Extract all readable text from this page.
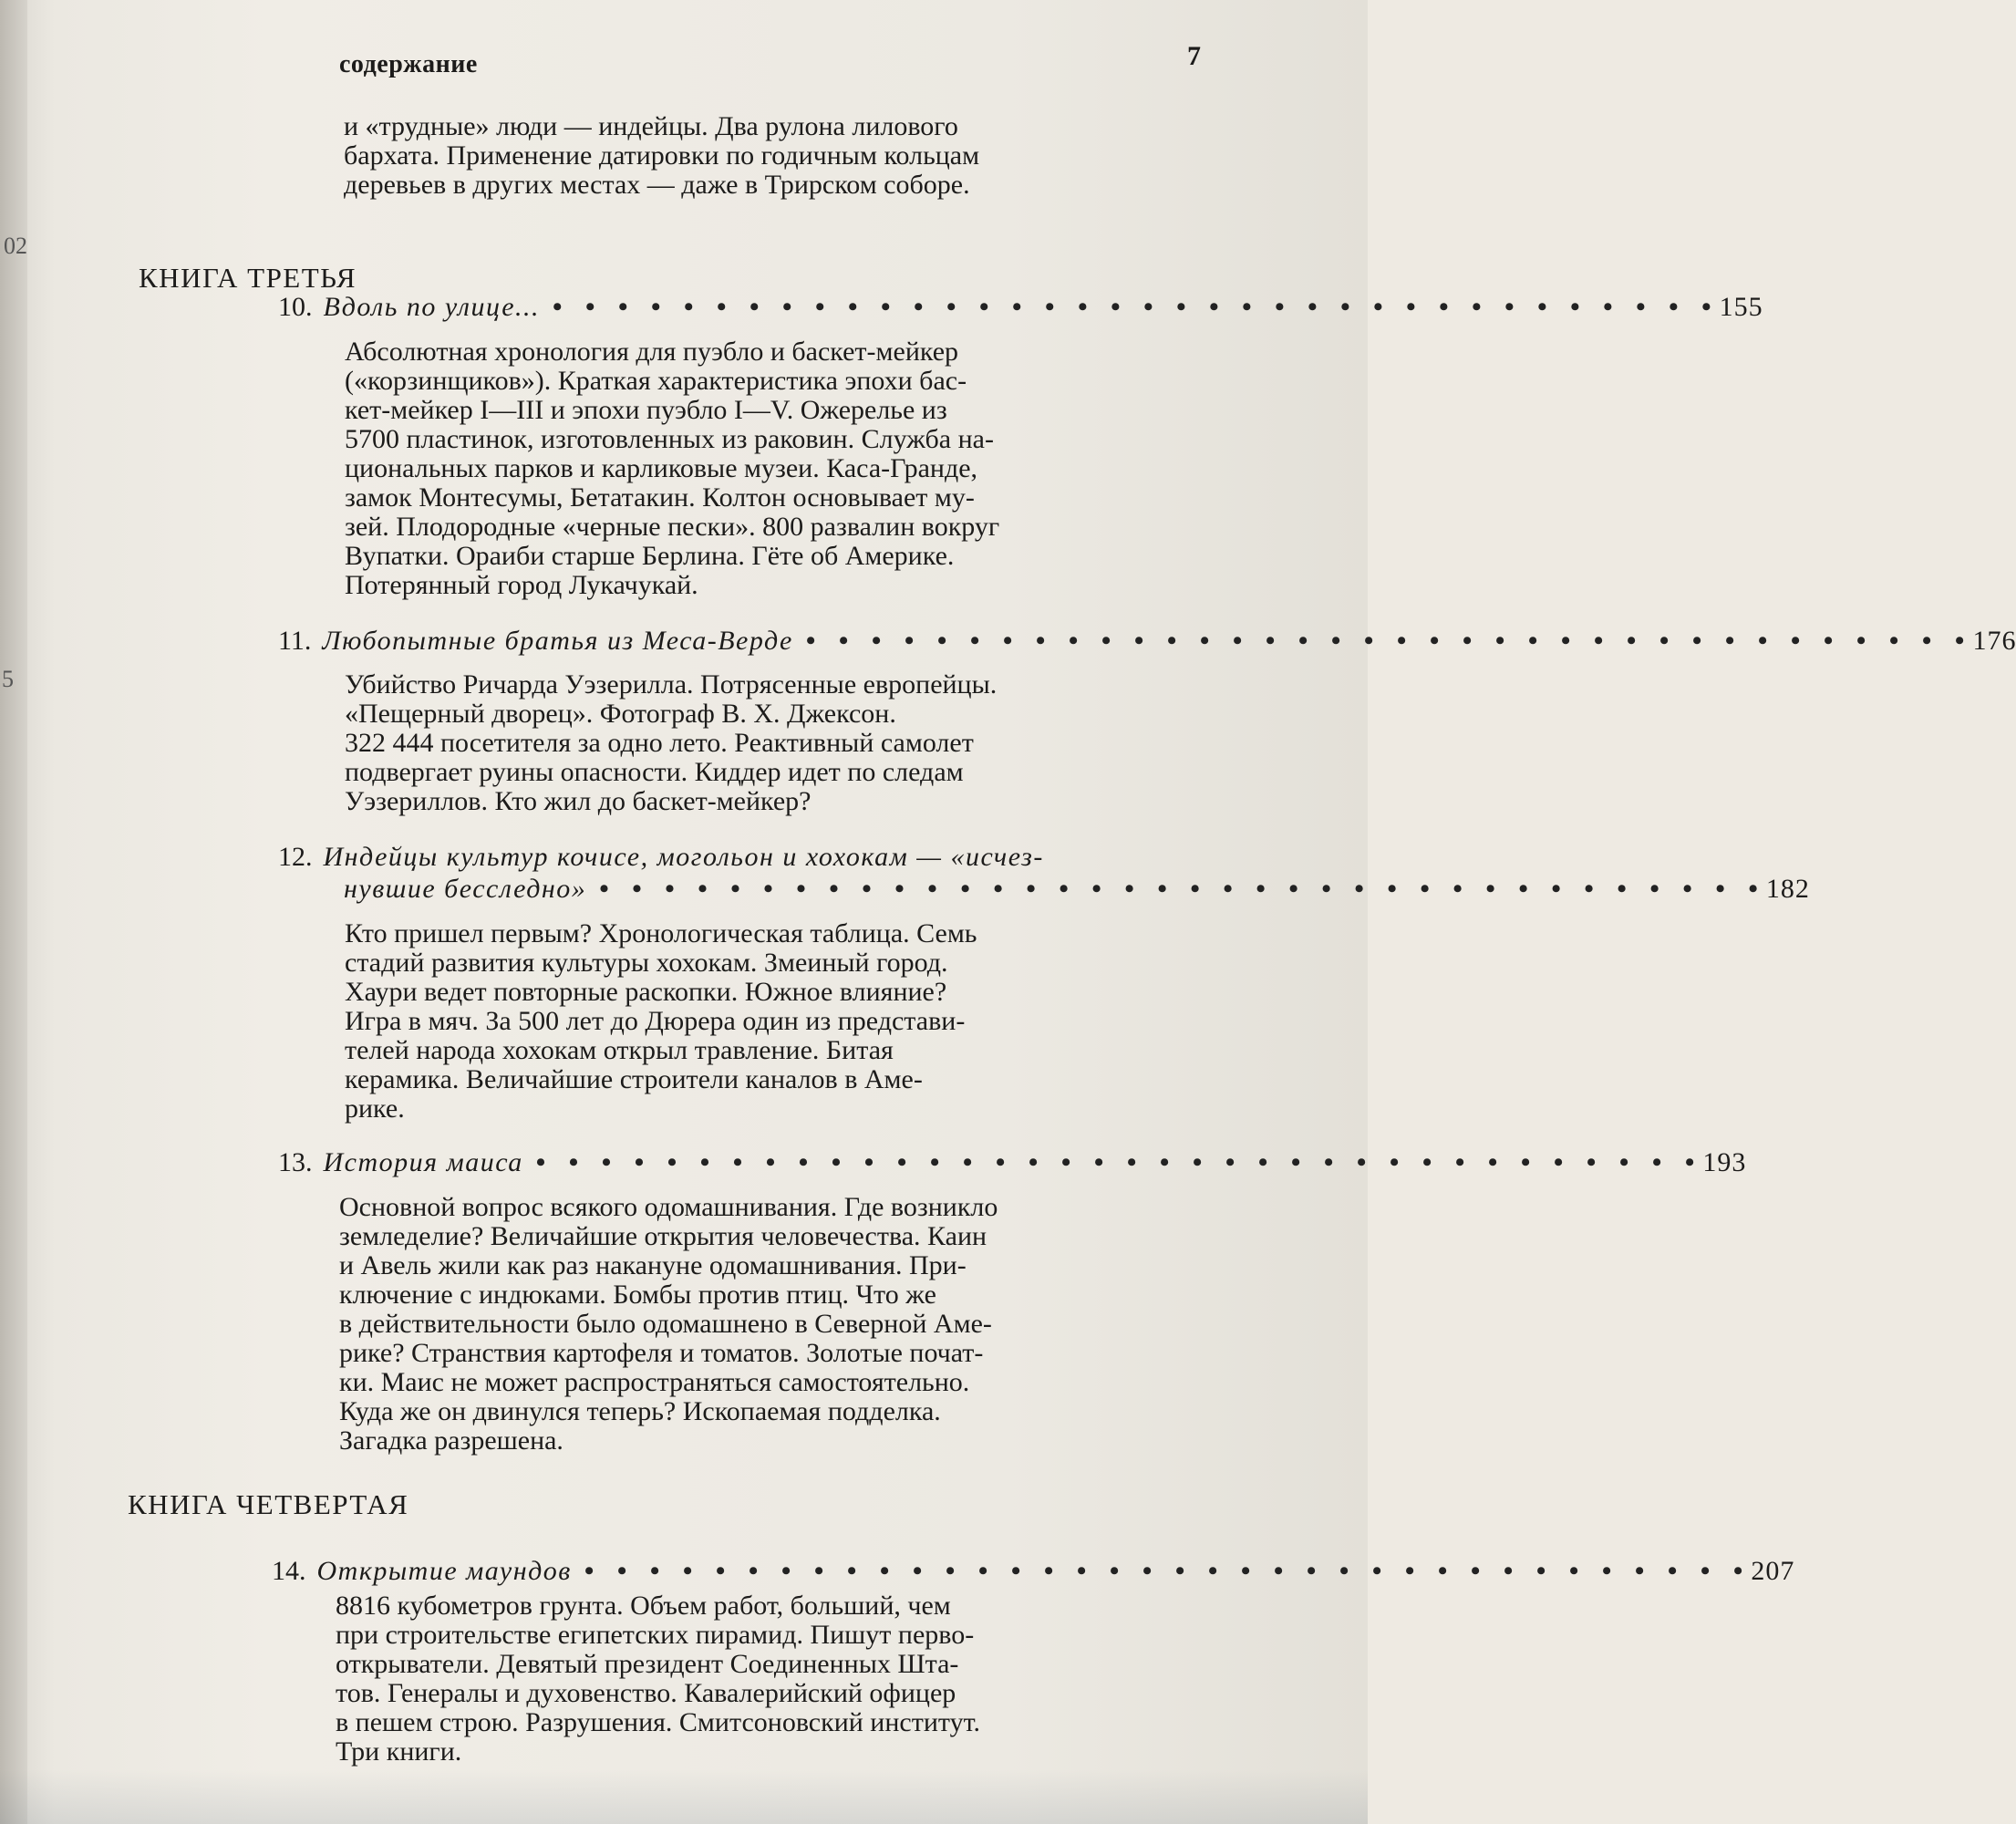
02
5
содержание	7
и «трудные» люди — индейцы. Два рулона лилового
бархата. Применение датировки по годичным кольцам
деревьев в других местах — даже в Трирском соборе.
КНИГА ТРЕТЬЯ
10. Вдоль по улице... • • • • • • • • • • • • • • • • • • • • • • • • • • • • • • • • • • • • 155
Абсолютная хронология для пуэбло и баскет-мейкер
(«корзинщиков»). Краткая характеристика эпохи бас-
кет-мейкер I—III и эпохи пуэбло I—V. Ожерелье из
5700 пластинок, изготовленных из раковин. Служба на-
циональных парков и карликовые музеи. Каса-Гранде,
замок Монтесумы, Бетатакин. Колтон основывает му-
зей. Плодородные «черные пески». 800 развалин вокруг
Вупатки. Ораиби старше Берлина. Гёте об Америке.
Потерянный город Лукачукай.
11. Любопытные братья из Меса-Верде • • • • • • • • • • • • • • • • • • • • • • • • • • • • • • • • • • • • 176
Убийство Ричарда Уэзерилла. Потрясенные европейцы.
«Пещерный дворец». Фотограф В. Х. Джексон.
322 444 посетителя за одно лето. Реактивный самолет
подвергает руины опасности. Киддер идет по следам
Уэзериллов. Кто жил до баскет-мейкер?
12. Индейцы культур кочисе, могольон и хохокам — «исчез-
нувшие бесследно» • • • • • • • • • • • • • • • • • • • • • • • • • • • • • • • • • • • • 182
Кто пришел первым? Хронологическая таблица. Семь
стадий развития культуры хохокам. Змеиный город.
Хаури ведет повторные раскопки. Южное влияние?
Игра в мяч. За 500 лет до Дюрера один из представи-
телей народа хохокам открыл травление. Битая
керамика. Величайшие строители каналов в Аме-
рике.
13. История маиса • • • • • • • • • • • • • • • • • • • • • • • • • • • • • • • • • • • • 193
Основной вопрос всякого одомашнивания. Где возникло
земледелие? Величайшие открытия человечества. Каин
и Авель жили как раз накануне одомашнивания. При-
ключение с индюками. Бомбы против птиц. Что же
в действительности было одомашнено в Северной Аме-
рике? Странствия картофеля и томатов. Золотые почат-
ки. Маис не может распространяться самостоятельно.
Куда же он двинулся теперь? Ископаемая подделка.
Загадка разрешена.
КНИГА ЧЕТВЕРТАЯ
14. Открытие маундов • • • • • • • • • • • • • • • • • • • • • • • • • • • • • • • • • • • • 207
8816 кубометров грунта. Объем работ, больший, чем
при строительстве египетских пирамид. Пишут перво-
открыватели. Девятый президент Соединенных Шта-
тов. Генералы и духовенство. Кавалерийский офицер
в пешем строю. Разрушения. Смитсоновский институт.
Три книги.
